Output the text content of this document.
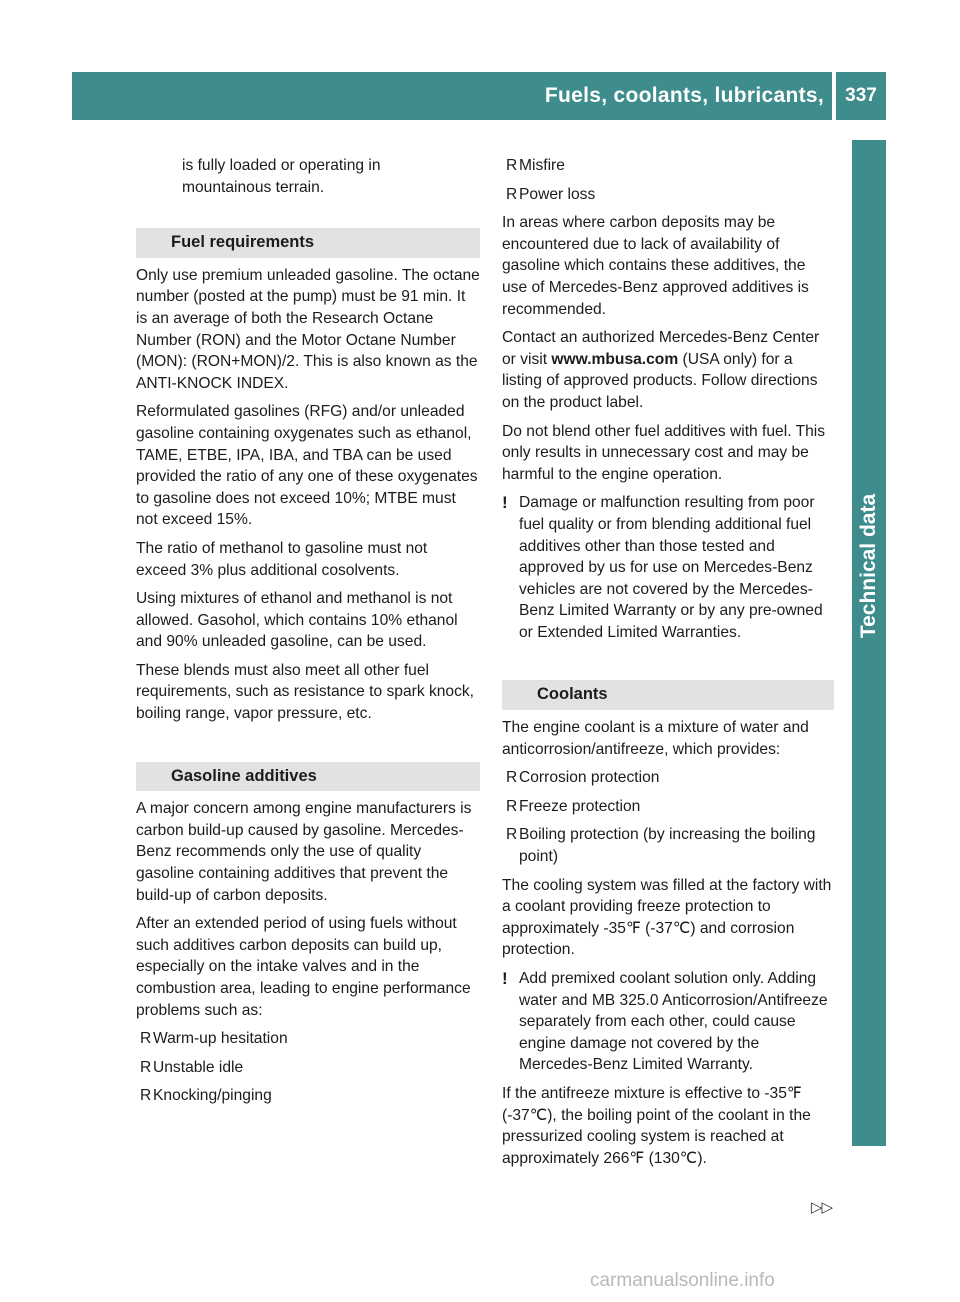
Fuels, coolants, lubricants, etc.
337
Technical data
is fully loaded or operating in
mountainous terrain.
Fuel requirements

Only use premium unleaded gasoline. The octane number (posted at the pump) must be 91 min. It is an average of both the Research Octane Number (RON) and the Motor Octane Number (MON): (RON+MON)/2. This is also known as the ANTI-KNOCK INDEX.

Reformulated gasolines (RFG) and/or unleaded gasoline containing oxygenates such as ethanol, TAME, ETBE, IPA, IBA, and TBA can be used provided the ratio of any one of these oxygenates to gasoline does not exceed 10%; MTBE must not exceed 15%.

The ratio of methanol to gasoline must not exceed 3% plus additional cosolvents.

Using mixtures of ethanol and methanol is not allowed. Gasohol, which contains 10% ethanol and 90% unleaded gasoline, can be used.

These blends must also meet all other fuel requirements, such as resistance to spark knock, boiling range, vapor pressure, etc.

Gasoline additives

A major concern among engine manufacturers is carbon build-up caused by gasoline. Mercedes-Benz recommends only the use of quality gasoline containing additives that prevent the build-up of carbon deposits.

After an extended period of using fuels without such additives carbon deposits can build up, especially on the intake valves and in the combustion area, leading to engine performance problems such as:

R Warm-up hesitation
R Unstable idle
R Knocking/pinging
R Misfire
R Power loss

In areas where carbon deposits may be encountered due to lack of availability of gasoline which contains these additives, the use of Mercedes-Benz approved additives is recommended.

Contact an authorized Mercedes-Benz Center or visit www.mbusa.com (USA only) for a listing of approved products. Follow directions on the product label.

Do not blend other fuel additives with fuel. This only results in unnecessary cost and may be harmful to the engine operation.

! Damage or malfunction resulting from poor fuel quality or from blending additional fuel additives other than those tested and approved by us for use on Mercedes-Benz vehicles are not covered by the Mercedes-Benz Limited Warranty or by any pre-owned or Extended Limited Warranties.
Coolants

The engine coolant is a mixture of water and anticorrosion/antifreeze, which provides:

R Corrosion protection
R Freeze protection
R Boiling protection (by increasing the boiling point)

The cooling system was filled at the factory with a coolant providing freeze protection to approximately -35℉ (-37℃) and corrosion protection.

! Add premixed coolant solution only. Adding water and MB 325.0 Anticorrosion/Antifreeze separately from each other, could cause engine damage not covered by the Mercedes-Benz Limited Warranty.

If the antifreeze mixture is effective to -35℉ (-37℃), the boiling point of the coolant in the pressurized cooling system is reached at approximately 266℉ (130℃).

▷▷
carmanualsonline.info
